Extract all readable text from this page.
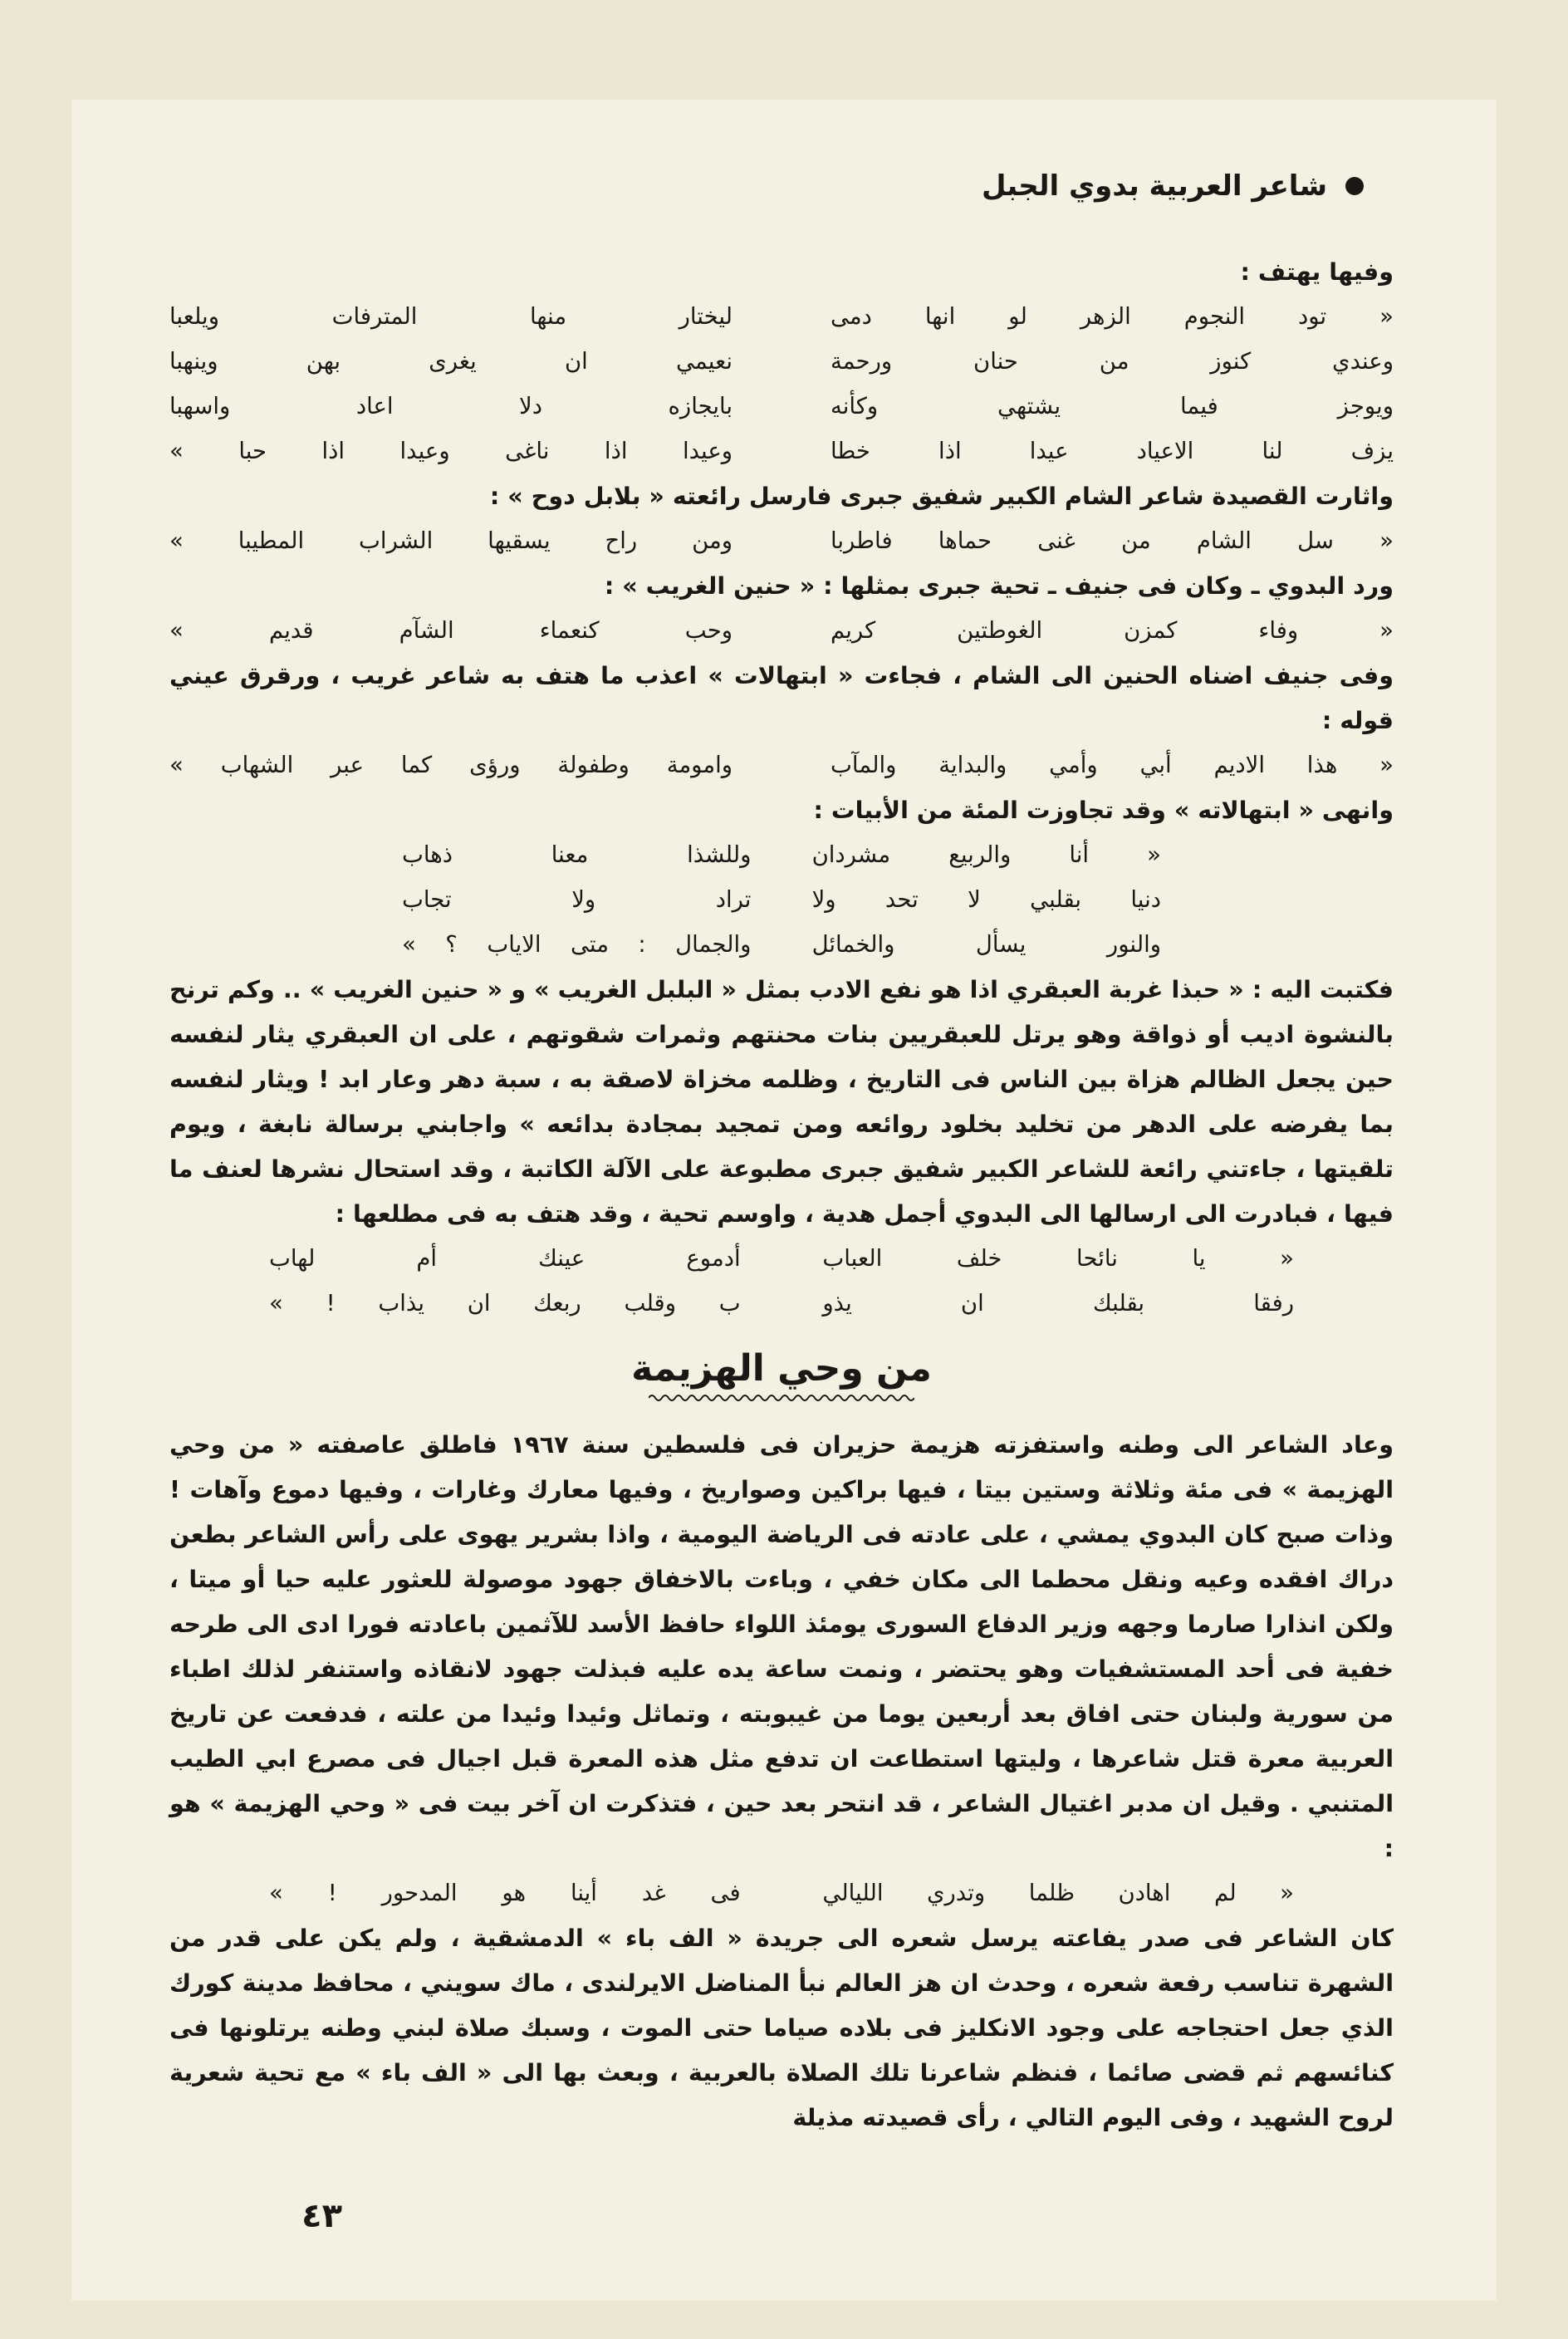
شاعر العربية بدوي الجبل

وفيها يهتف :

« تود النجوم الزهر لو انها دمى
ليختار منها المترفات ويلعبا
وعندي كنوز من حنان ورحمة
نعيمي ان يغرى بهن وينهبا
ويوجز فيما يشتهي وكأنه
بايجازه دلا اعاد واسهبا
يزف لنا الاعياد عيدا اذا خطا
وعيدا اذا ناغى وعيدا اذا حبا »

واثارت القصيدة شاعر الشام الكبير شفيق جبرى فارسل رائعته « بلابل دوح » :

« سل الشام من غنى حماها فاطربا
ومن راح يسقيها الشراب المطيبا »

ورد البدوي ـ وكان فى جنيف ـ تحية جبرى بمثلها : « حنين الغريب » :

« وفاء كمزن الغوطتين كريم
وحب كنعماء الشآم قديم »

وفى جنيف اضناه الحنين الى الشام ، فجاءت « ابتهالات » اعذب ما هتف به شاعر غريب ، ورقرق عيني قوله :

« هذا الاديم أبي وأمي والبداية والمآب
وامومة وطفولة ورؤى كما عبر الشهاب »

وانهى « ابتهالاته » وقد تجاوزت المئة من الأبيات :

« أنا والربيع مشردان
وللشذا معنا ذهاب
دنيا بقلبي لا تحد ولا
تراد ولا تجاب
والنور يسأل والخمائل
والجمال : متى الاياب ؟ »

فكتبت اليه : « حبذا غربة العبقري اذا هو نفع الادب بمثل « البلبل الغريب » و « حنين الغريب » .. وكم ترنح بالنشوة اديب أو ذواقة وهو يرتل للعبقريين بنات محنتهم وثمرات شقوتهم ، على ان العبقري يثار لنفسه حين يجعل الظالم هزاة بين الناس فى التاريخ ، وظلمه مخزاة لاصقة به ، سبة دهر وعار ابد ! ويثار لنفسه بما يفرضه على الدهر من تخليد بخلود روائعه ومن تمجيد بمجادة بدائعه » واجابني برسالة نابغة ، ويوم تلقيتها ، جاءتني رائعة للشاعر الكبير شفيق جبرى مطبوعة على الآلة الكاتبة ، وقد استحال نشرها لعنف ما فيها ، فبادرت الى ارسالها الى البدوي أجمل هدية ، واوسم تحية ، وقد هتف به فى مطلعها :

« يا نائحا خلف العباب
أدموع عينك أم لهاب
رفقا بقلبك ان يذو
ب وقلب ربعك ان يذاب ! »
من وحي الهزيمة

وعاد الشاعر الى وطنه واستفزته هزيمة حزيران فى فلسطين سنة ١٩٦٧ فاطلق عاصفته « من وحي الهزيمة » فى مئة وثلاثة وستين بيتا ، فيها براكين وصواريخ ، وفيها معارك وغارات ، وفيها دموع وآهات ! وذات صبح كان البدوي يمشي ، على عادته فى الرياضة اليومية ، واذا بشرير يهوى على رأس الشاعر بطعن دراك افقده وعيه ونقل محطما الى مكان خفي ، وباءت بالاخفاق جهود موصولة للعثور عليه حيا أو ميتا ، ولكن انذارا صارما وجهه وزير الدفاع السورى يومئذ اللواء حافظ الأسد للآثمين باعادته فورا ادى الى طرحه خفية فى أحد المستشفيات وهو يحتضر ، ونمت ساعة يده عليه فبذلت جهود لانقاذه واستنفر لذلك اطباء من سورية ولبنان حتى افاق بعد أربعين يوما من غيبوبته ، وتماثل وئيدا وئيدا من علته ، فدفعت عن تاريخ العربية معرة قتل شاعرها ، وليتها استطاعت ان تدفع مثل هذه المعرة قبل اجيال فى مصرع ابي الطيب المتنبي . وقيل ان مدبر اغتيال الشاعر ، قد انتحر بعد حين ، فتذكرت ان آخر بيت فى « وحي الهزيمة » هو :

« لم اهادن ظلما وتدري الليالي
فى غد أينا هو المدحور ! »

كان الشاعر فى صدر يفاعته يرسل شعره الى جريدة « الف باء » الدمشقية ، ولم يكن على قدر من الشهرة تناسب رفعة شعره ، وحدث ان هز العالم نبأ المناضل الايرلندى ، ماك سويني ، محافظ مدينة كورك الذي جعل احتجاجه على وجود الانكليز فى بلاده صياما حتى الموت ، وسبك صلاة لبني وطنه يرتلونها فى كنائسهم ثم قضى صائما ، فنظم شاعرنا تلك الصلاة بالعربية ، وبعث بها الى « الف باء » مع تحية شعرية لروح الشهيد ، وفى اليوم التالي ، رأى قصيدته مذيلة

٤٣
